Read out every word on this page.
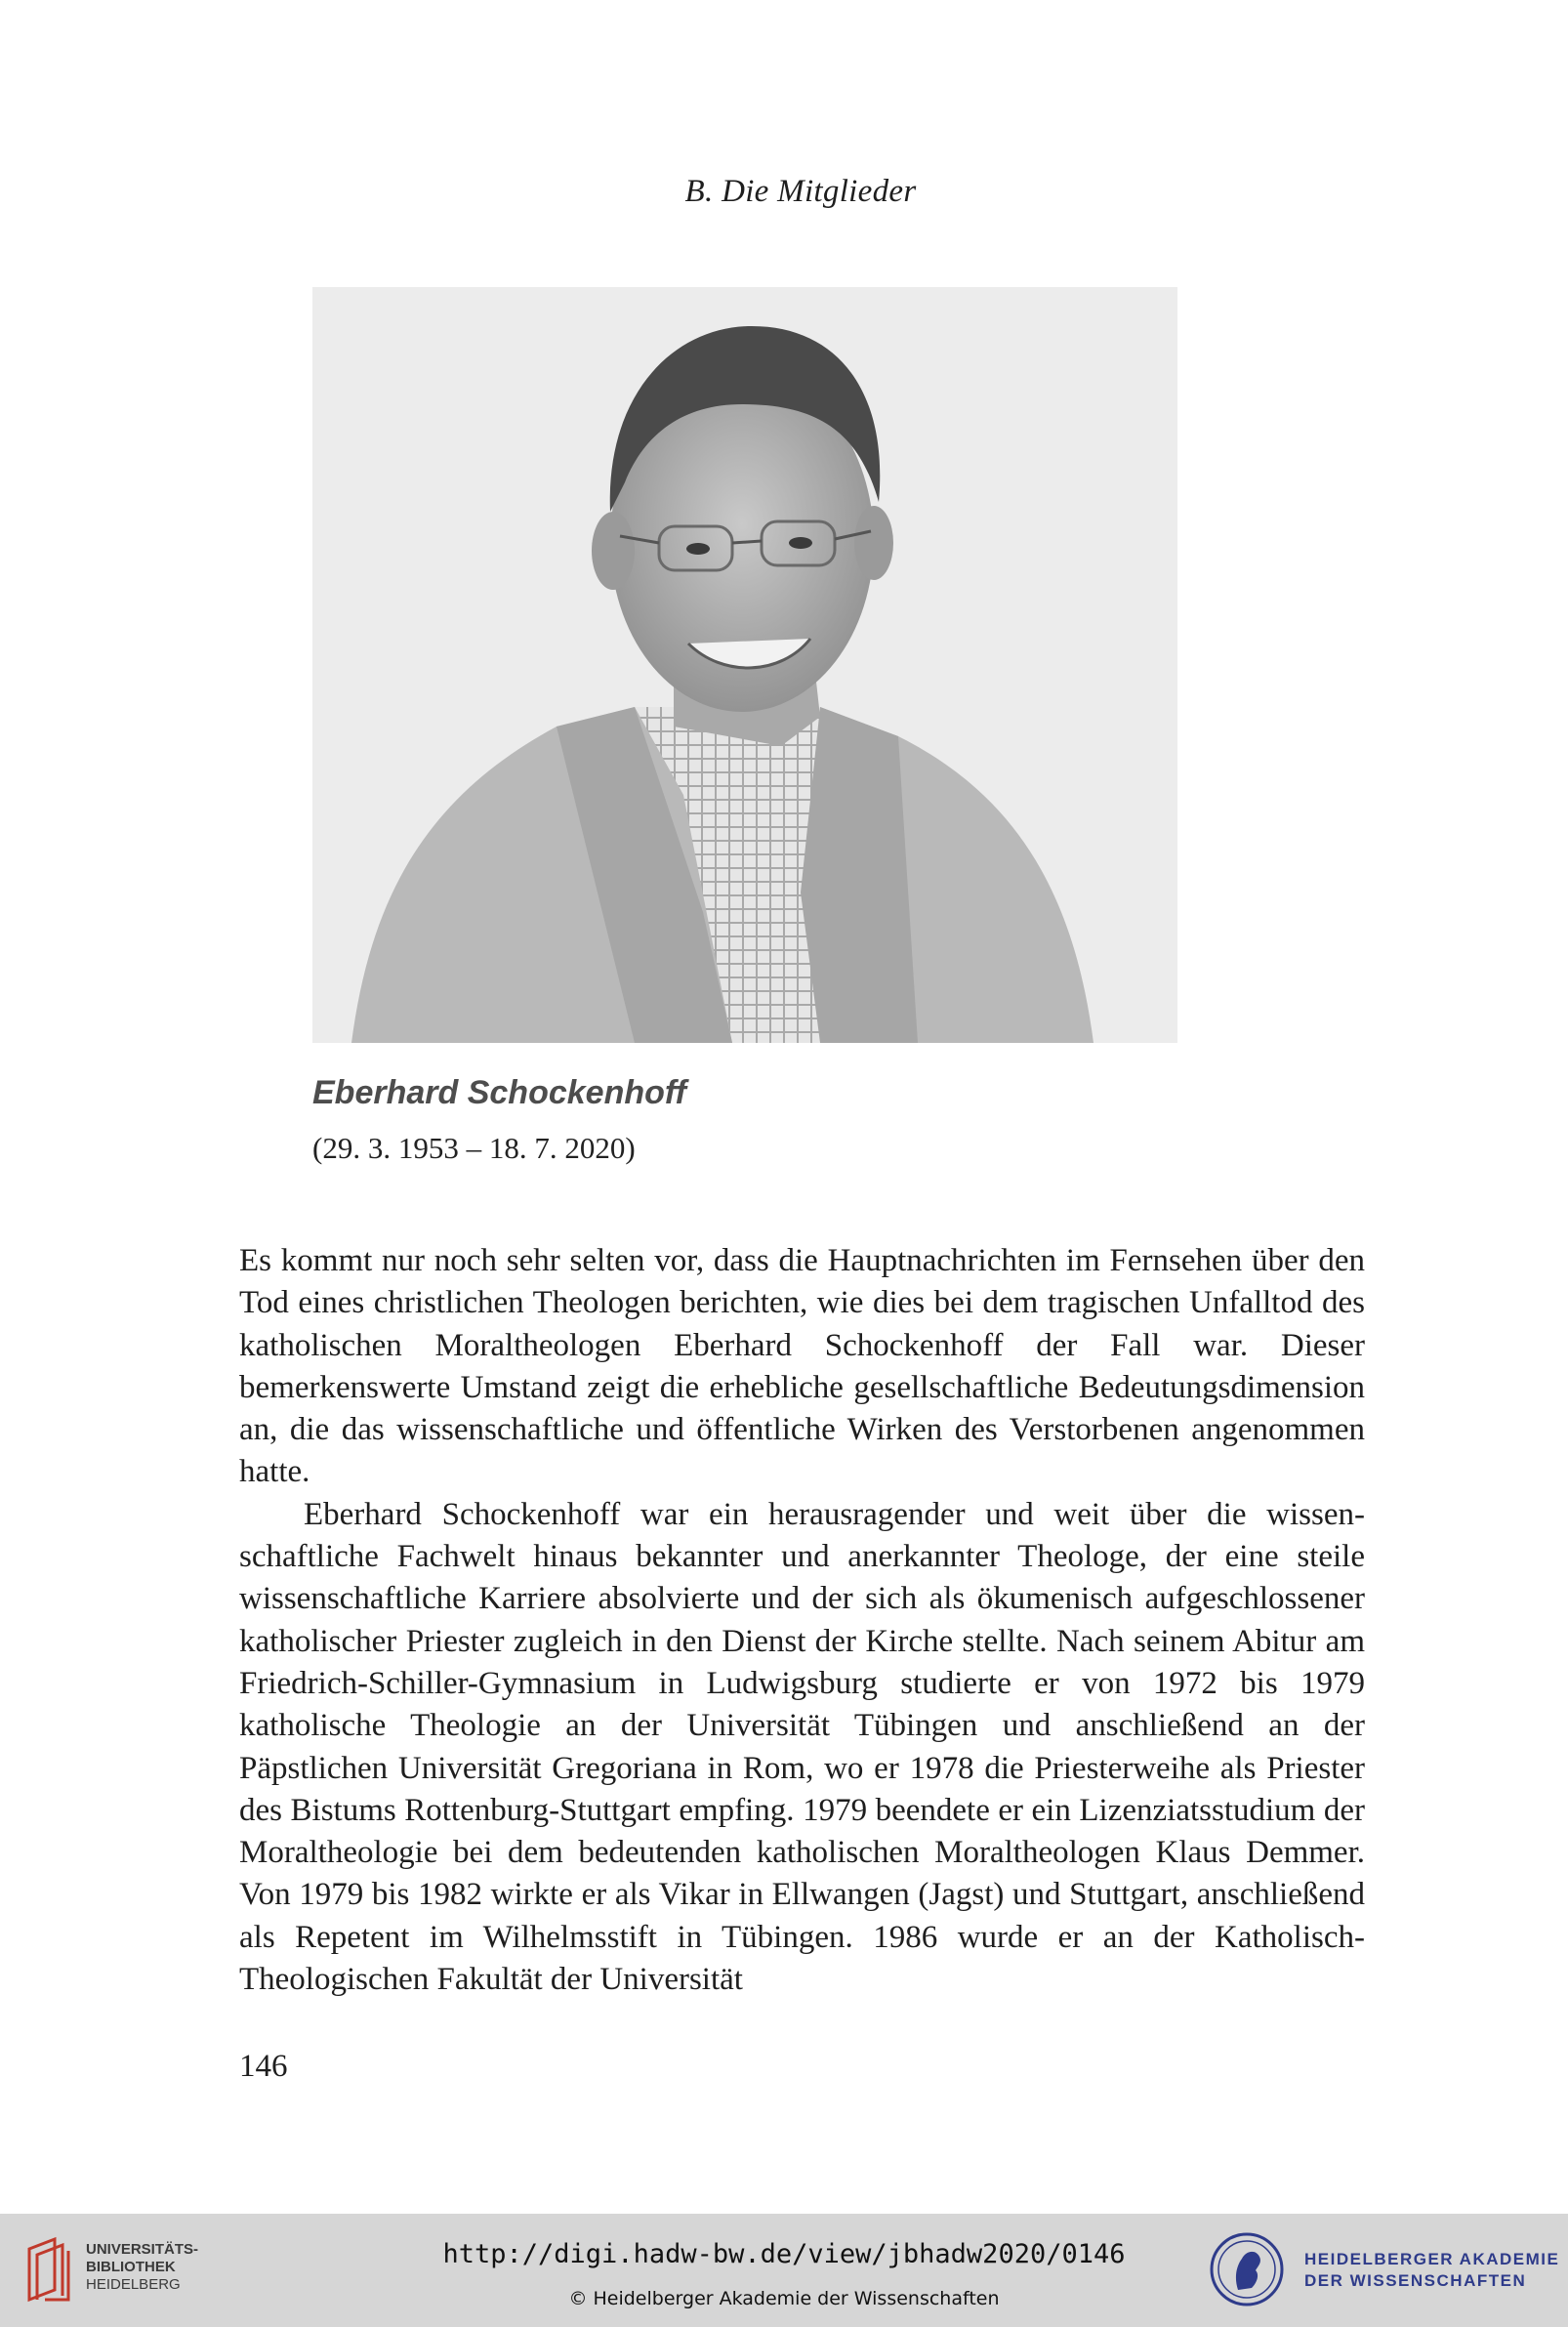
B. Die Mitglieder
Eberhard Schockenhoff
(29. 3. 1953 – 18. 7. 2020)

Es kommt nur noch sehr selten vor, dass die Hauptnachrichten im Fernsehen über den Tod eines christlichen Theologen berichten, wie dies bei dem tragischen Unfalltod des katholischen Moraltheologen Eberhard Schockenhoff der Fall war. Dieser bemerkenswerte Umstand zeigt die erhebliche gesellschaftliche Bedeutungsdimension an, die das wissenschaftliche und öffentliche Wirken des Verstorbenen angenommen hatte.

Eberhard Schockenhoff war ein herausragender und weit über die wissenschaftliche Fachwelt hinaus bekannter und anerkannter Theologe, der eine steile wissenschaftliche Karriere absolvierte und der sich als ökumenisch aufgeschlossener katholischer Priester zugleich in den Dienst der Kirche stellte. Nach seinem Abitur am Friedrich-Schiller-Gymnasium in Ludwigsburg studierte er von 1972 bis 1979 katholische Theologie an der Universität Tübingen und anschließend an der Päpstlichen Universität Gregoriana in Rom, wo er 1978 die Priesterweihe als Priester des Bistums Rottenburg-Stuttgart empfing. 1979 beendete er ein Lizenziatsstudium der Moraltheologie bei dem bedeutenden katholischen Moraltheologen Klaus Demmer. Von 1979 bis 1982 wirkte er als Vikar in Ellwangen (Jagst) und Stuttgart, anschließend als Repetent im Wilhelmsstift in Tübingen. 1986 wurde er an der Katholisch-Theologischen Fakultät der Universität

146
UNIVERSITÄTS-
BIBLIOTHEK
HEIDELBERG
http://digi.hadw-bw.de/view/jbhadw2020/0146
© Heidelberger Akademie der Wissenschaften
HEIDELBERGER AKADEMIE
DER WISSENSCHAFTEN
